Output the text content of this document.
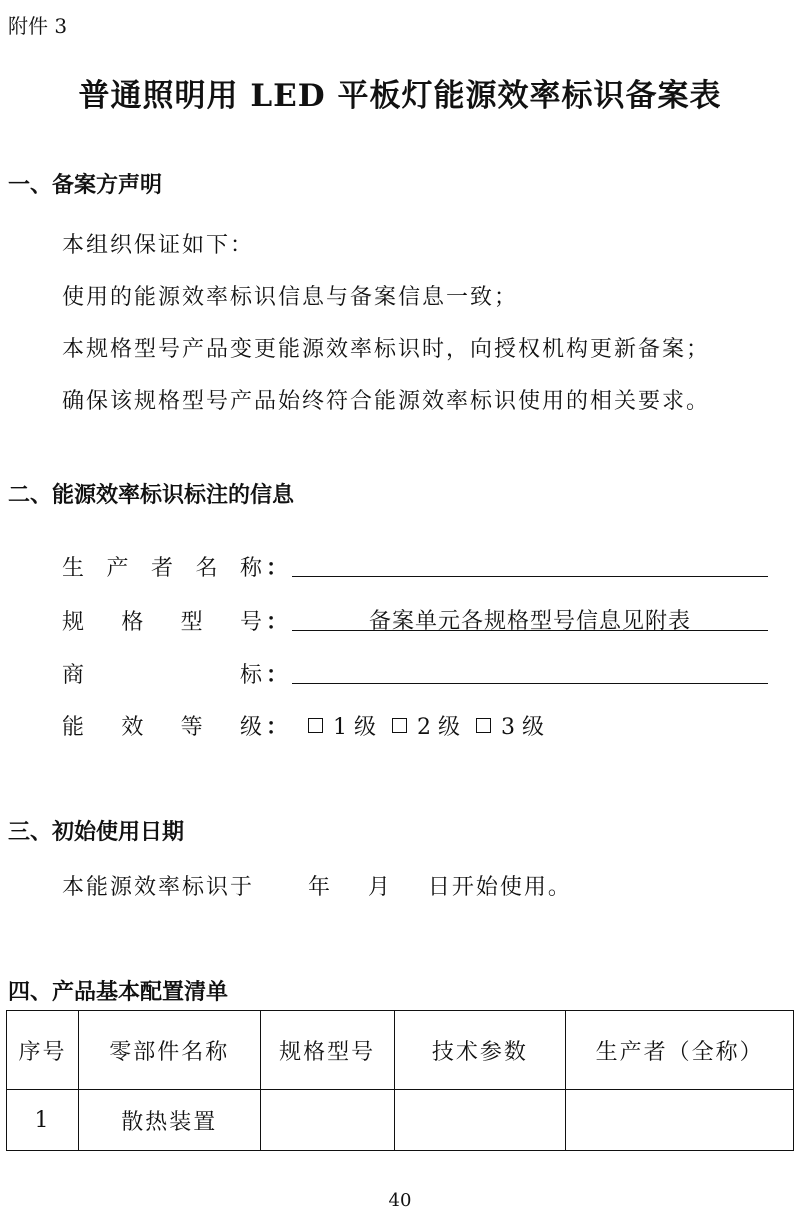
附件 3
普通照明用 LED 平板灯能源效率标识备案表
一、备案方声明
本组织保证如下：
使用的能源效率标识信息与备案信息一致；
本规格型号产品变更能源效率标识时，向授权机构更新备案；
确保该规格型号产品始终符合能源效率标识使用的相关要求。
二、能源效率标识标注的信息
生 产 者 名 称 ：
规 格 型 号 ：	备案单元各规格型号信息见附表
商	标 ：
能 效 等 级 ： 1 级 2 级 3 级
三、初始使用日期
本能源效率标识于      年    月    日开始使用。
四、产品基本配置清单
序号	零部件名称	规格型号	技术参数	生产者（全称）
1	散热装置			
40
